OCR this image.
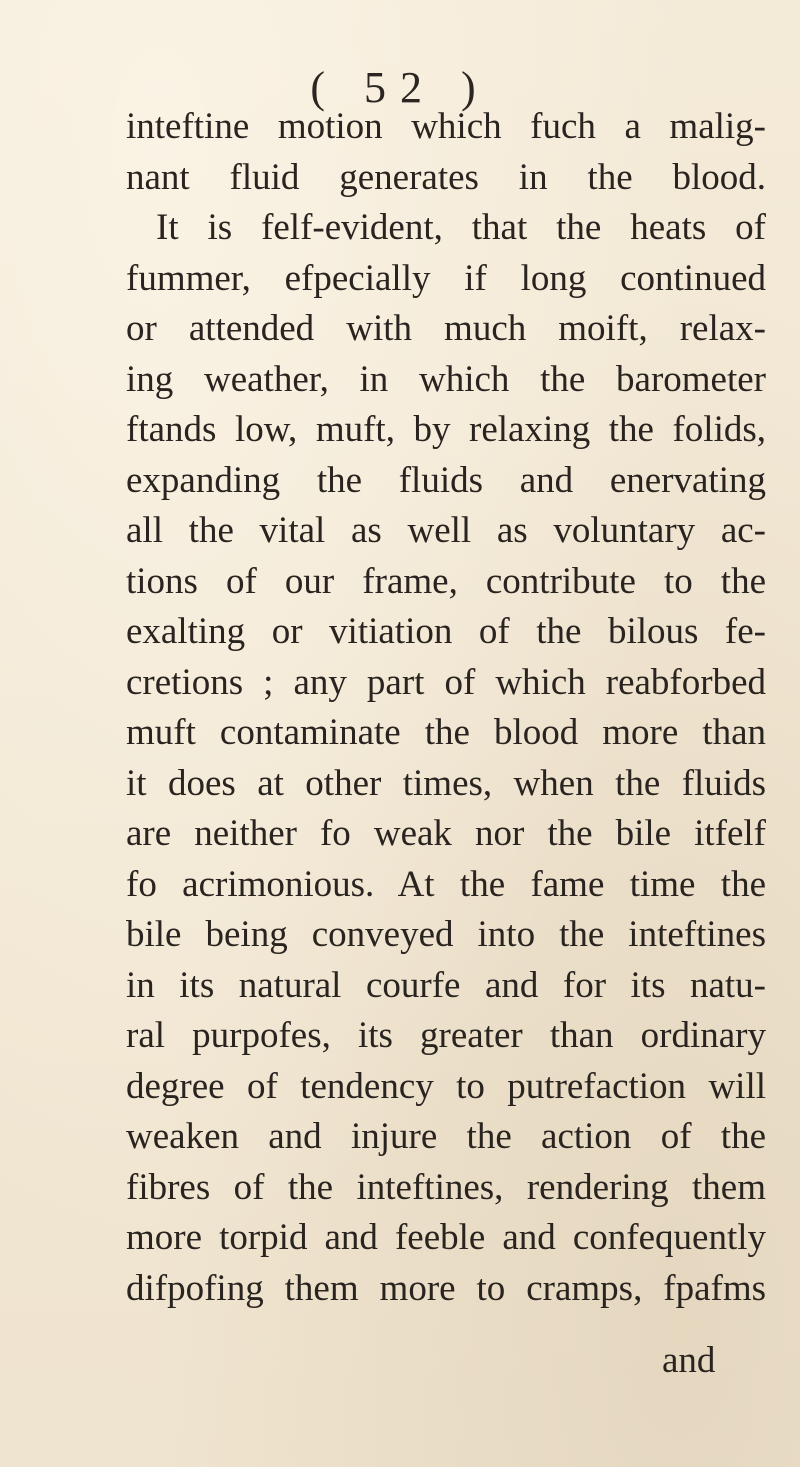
( 52 )
inteftine motion which fuch a malig-
nant fluid generates in the blood.
It is felf-evident, that the heats of
fummer, efpecially if long continued
or attended with much moift, relax-
ing weather, in which the barometer
ftands low, muft, by relaxing the folids,
expanding the fluids and enervating
all the vital as well as voluntary ac-
tions of our frame, contribute to the
exalting or vitiation of the bilous fe-
cretions ; any part of which reabforbed
muft contaminate the blood more than
it does at other times, when the fluids
are neither fo weak nor the bile itfelf
fo acrimonious. At the fame time the
bile being conveyed into the inteftines
in its natural courfe and for its natu-
ral purpofes, its greater than ordinary
degree of tendency to putrefaction will
weaken and injure the action of the
fibres of the inteftines, rendering them
more torpid and feeble and confequently
difpofing them more to cramps, fpafms
and
